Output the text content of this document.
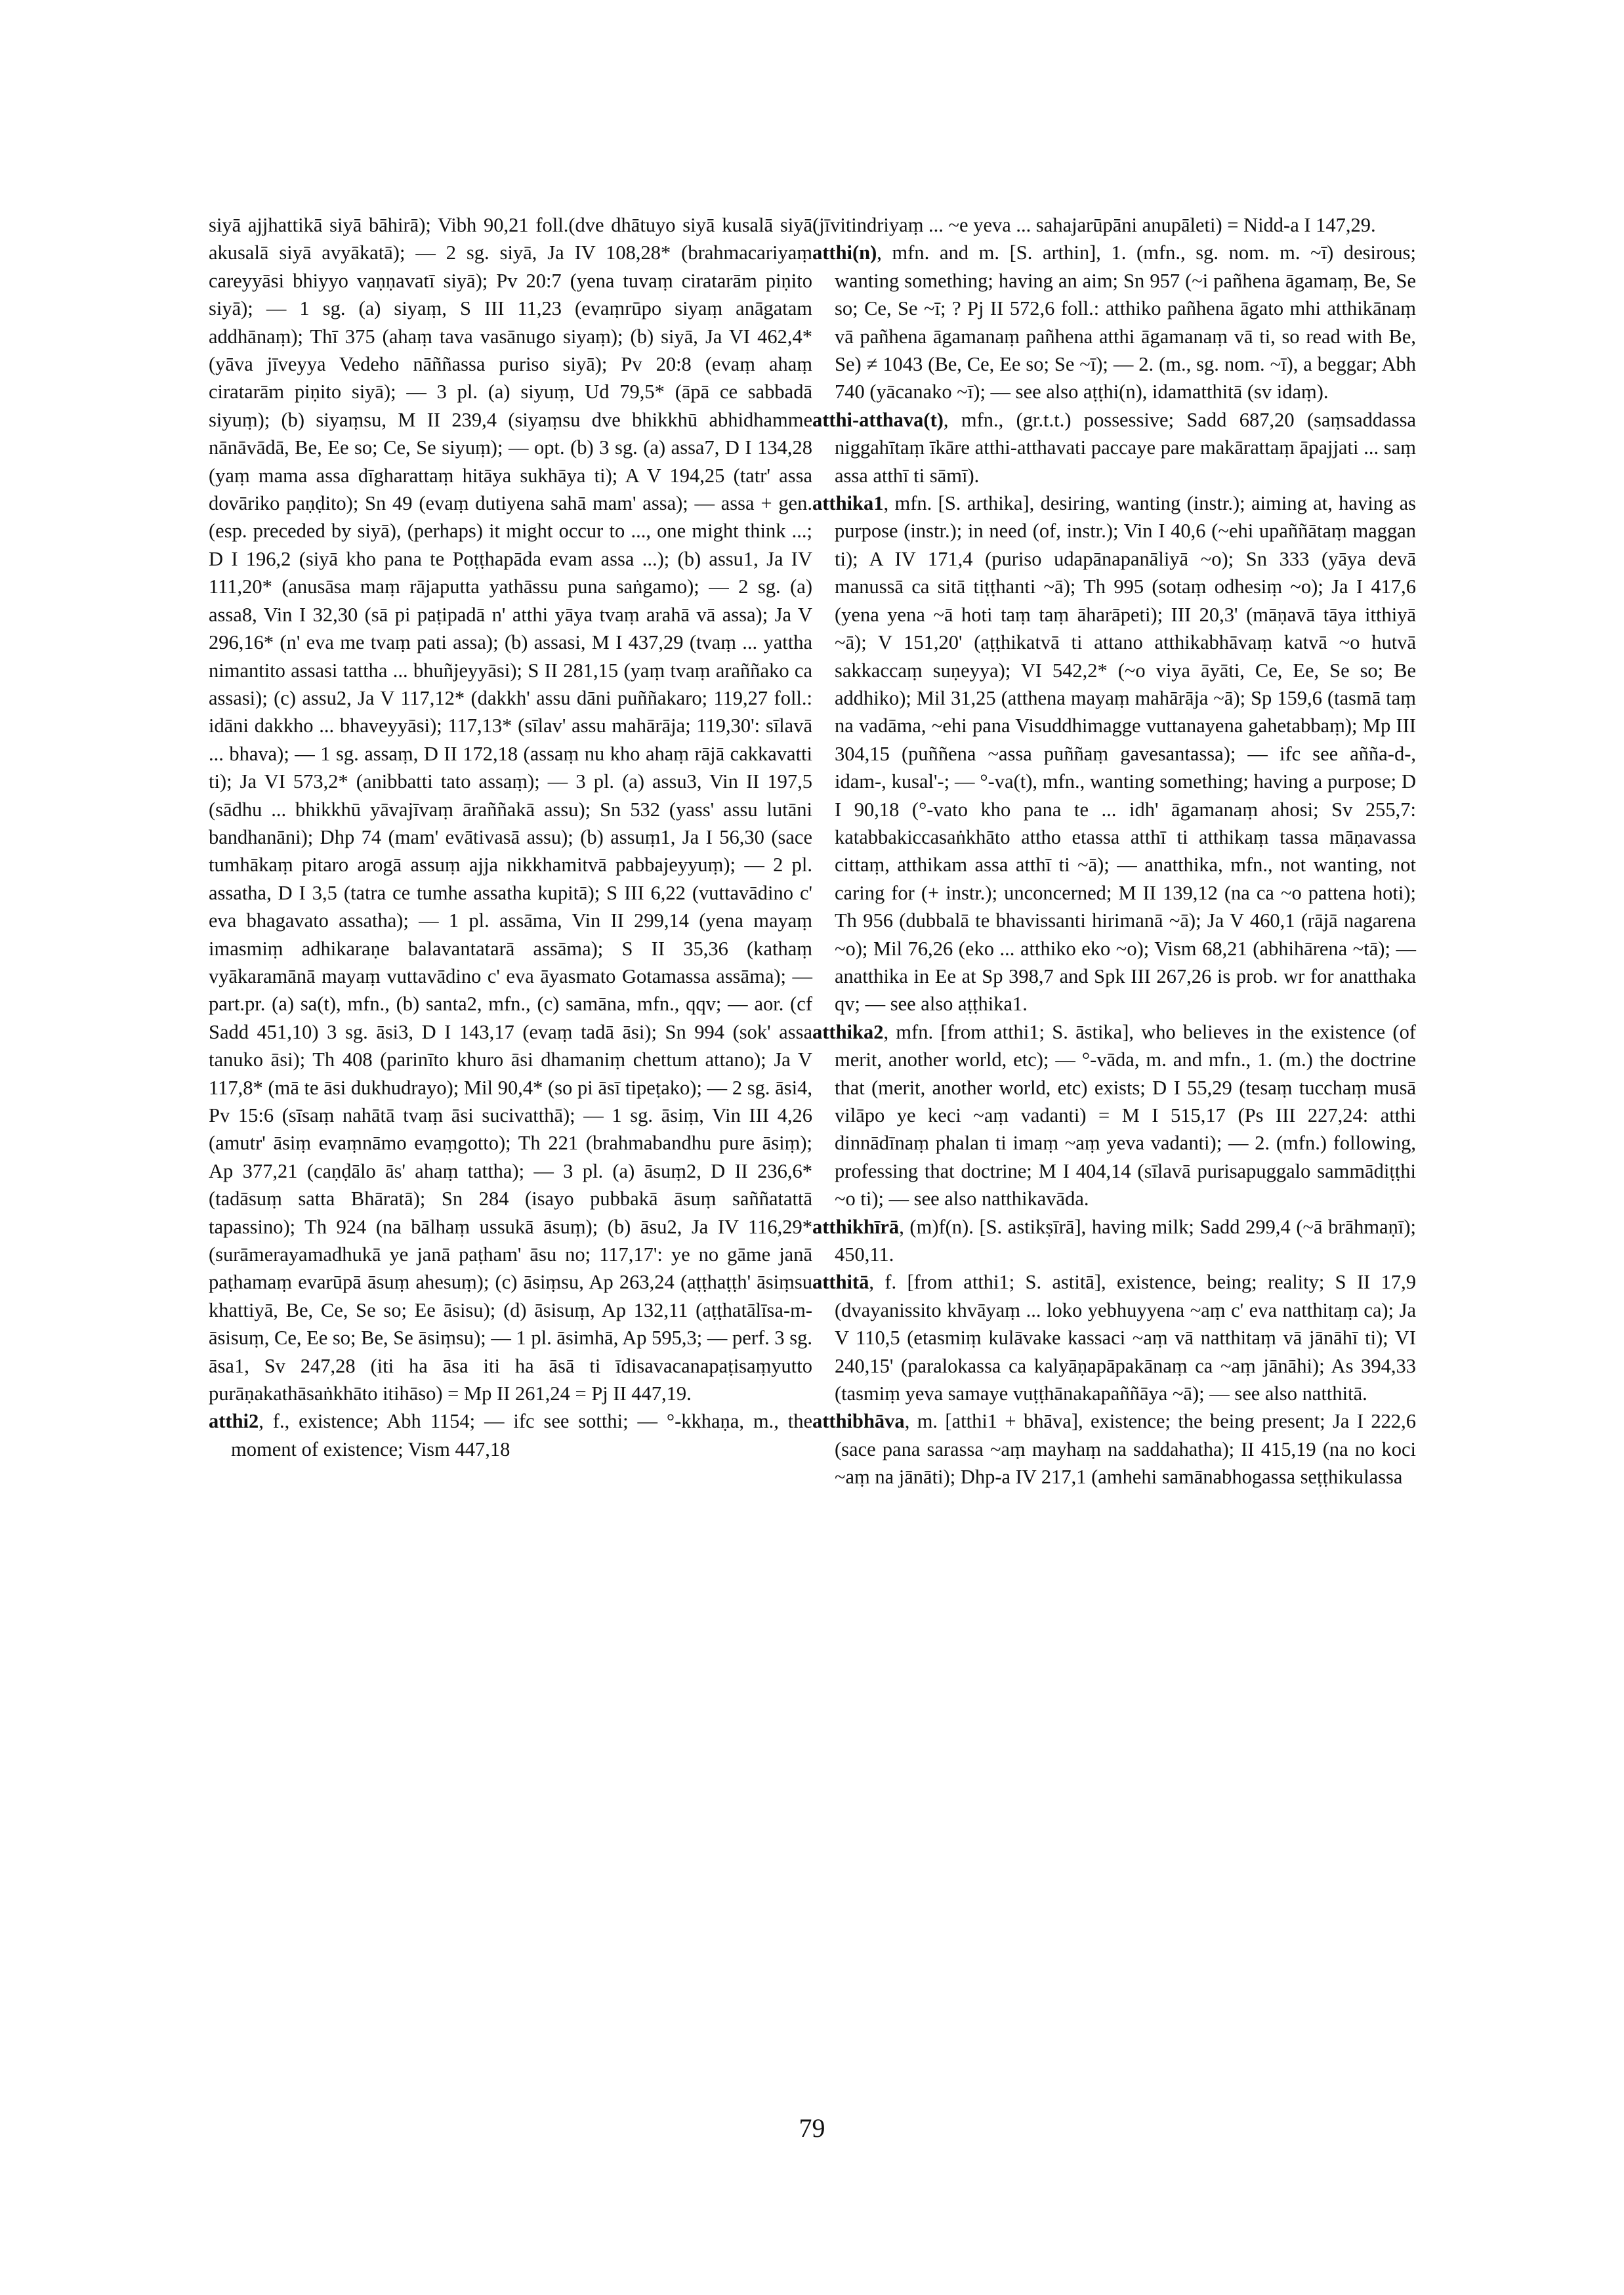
siyā ajjhattikā siyā bāhirā); Vibh 90,21 foll.(dve dhātuyo siyā kusalā siyā akusalā siyā avyākatā); — 2 sg. siyā, Ja IV 108,28* (brahmacariyaṃ careyyāsi bhiyyo vaṇṇavatī siyā); Pv 20:7 (yena tuvaṃ ciratarām piṇito siyā); — 1 sg. (a) siyaṃ, S III 11,23 (evaṃrūpo siyaṃ anāgatam addhānaṃ); Thī 375 (ahaṃ tava vasānugo siyaṃ); (b) siyā, Ja VI 462,4* (yāva jīveyya Vedeho nāññassa puriso siyā); Pv 20:8 (evaṃ ahaṃ ciratarām piṇito siyā); — 3 pl. (a) siyuṃ, Ud 79,5* (āpā ce sabbadā siyuṃ); (b) siyaṃsu, M II 239,4 (siyaṃsu dve bhikkhū abhidhamme nānāvādā, Be, Ee so; Ce, Se siyuṃ); — opt. (b) 3 sg. (a) assa7, D I 134,28 (yaṃ mama assa dīgharattaṃ hitāya sukhāya ti); A V 194,25 (tatr' assa dovāriko paṇḍito); Sn 49 (evaṃ dutiyena sahā mam' assa); — assa + gen. (esp. preceded by siyā), (perhaps) it might occur to ..., one might think ...; D I 196,2 (siyā kho pana te Poṭṭhapāda evam assa ...); (b) assu1, Ja IV 111,20* (anusāsa maṃ rājaputta yathāssu puna saṅgamo); — 2 sg. (a) assa8, Vin I 32,30 (sā pi paṭipadā n' atthi yāya tvaṃ arahā vā assa); Ja V 296,16* (n' eva me tvaṃ pati assa); (b) assasi, M I 437,29 (tvaṃ ... yattha nimantito assasi tattha ... bhuñjeyyāsi); S II 281,15 (yaṃ tvaṃ araññako ca assasi); (c) assu2, Ja V 117,12* (dakkh' assu dāni puññakaro; 119,27 foll.: idāni dakkho ... bhaveyyāsi); 117,13* (sīlav' assu mahārāja; 119,30': sīlavā ... bhava); — 1 sg. assaṃ, D II 172,18 (assaṃ nu kho ahaṃ rājā cakkavatti ti); Ja VI 573,2* (anibbatti tato assaṃ); — 3 pl. (a) assu3, Vin II 197,5 (sādhu ... bhikkhū yāvajīvaṃ āraññakā assu); Sn 532 (yass' assu lutāni bandhanāni); Dhp 74 (mam' evātivasā assu); (b) assuṃ1, Ja I 56,30 (sace tumhākaṃ pitaro arogā assuṃ ajja nikkhamitvā pabbajeyyuṃ); — 2 pl. assatha, D I 3,5 (tatra ce tumhe assatha kupitā); S III 6,22 (vuttavādino c' eva bhagavato assatha); — 1 pl. assāma, Vin II 299,14 (yena mayaṃ imasmiṃ adhikaraṇe balavantatarā assāma); S II 35,36 (kathaṃ vyākaramānā mayaṃ vuttavādino c' eva āyasmato Gotamassa assāma); — part.pr. (a) sa(t), mfn., (b) santa2, mfn., (c) samāna, mfn., qqv; — aor. (cf Sadd 451,10) 3 sg. āsi3, D I 143,17 (evaṃ tadā āsi); Sn 994 (sok' assa tanuko āsi); Th 408 (parinīto khuro āsi dhamaniṃ chettum attano); Ja V 117,8* (mā te āsi dukhudrayo); Mil 90,4* (so pi āsī tipeṭako); — 2 sg. āsi4, Pv 15:6 (sīsaṃ nahātā tvaṃ āsi sucivatthā); — 1 sg. āsiṃ, Vin III 4,26 (amutr' āsiṃ evaṃnāmo evaṃgotto); Th 221 (brahmabandhu pure āsiṃ); Ap 377,21 (caṇḍālo ās' ahaṃ tattha); — 3 pl. (a) āsuṃ2, D II 236,6* (tadāsuṃ satta Bhāratā); Sn 284 (isayo pubbakā āsuṃ saññatattā tapassino); Th 924 (na bālhaṃ ussukā āsuṃ); (b) āsu2, Ja IV 116,29* (surāmerayamadhukā ye janā paṭham' āsu no; 117,17': ye no gāme janā paṭhamaṃ evarūpā āsuṃ ahesuṃ); (c) āsiṃsu, Ap 263,24 (aṭṭhaṭṭh' āsiṃsu khattiyā, Be, Ce, Se so; Ee āsisu); (d) āsisuṃ, Ap 132,11 (aṭṭhatālīsa-m-āsisuṃ, Ce, Ee so; Be, Se āsiṃsu); — 1 pl. āsimhā, Ap 595,3; — perf. 3 sg. āsa1, Sv 247,28 (iti ha āsa iti ha āsā ti īdisavacanapaṭisaṃyutto purāṇakathāsaṅkhāto itihāso) = Mp II 261,24 = Pj II 447,19.

atthi2, f., existence; Abh 1154; — ifc see sotthi; — °-kkhaṇa, m., the moment of existence; Vism 447,18

(jīvitindriyaṃ ... ~e yeva ... sahajarūpāni anupāleti) = Nidd-a I 147,29.

atthi(n), mfn. and m. [S. arthin], 1. (mfn., sg. nom. m. ~ī) desirous; wanting something; having an aim; Sn 957 (~i pañhena āgamaṃ, Be, Se so; Ce, Se ~ī; ? Pj II 572,6 foll.: atthiko pañhena āgato mhi atthikānaṃ vā pañhena āgamanaṃ pañhena atthi āgamanaṃ vā ti, so read with Be, Se) ≠ 1043 (Be, Ce, Ee so; Se ~ī); — 2. (m., sg. nom. ~ī), a beggar; Abh 740 (yācanako ~ī); — see also aṭṭhi(n), idamatthitā (sv idaṃ).

atthi-atthava(t), mfn., (gr.t.t.) possessive; Sadd 687,20 (saṃsaddassa niggahītaṃ īkāre atthi-atthavati paccaye pare makārattaṃ āpajjati ... saṃ assa atthī ti sāmī).

atthika1, mfn. [S. arthika], desiring, wanting (instr.); aiming at, having as purpose (instr.); in need (of, instr.); Vin I 40,6 (~ehi upaññātaṃ maggan ti); A IV 171,4 (puriso udapānapanāliyā ~o); Sn 333 (yāya devā manussā ca sitā tiṭṭhanti ~ā); Th 995 (sotaṃ odhesiṃ ~o); Ja I 417,6 (yena yena ~ā hoti taṃ taṃ āharāpeti); III 20,3' (māṇavā tāya itthiyā ~ā); V 151,20' (aṭṭhikatvā ti attano atthikabhāvaṃ katvā ~o hutvā sakkaccaṃ suṇeyya); VI 542,2* (~o viya āyāti, Ce, Ee, Se so; Be addhiko); Mil 31,25 (atthena mayaṃ mahārāja ~ā); Sp 159,6 (tasmā taṃ na vadāma, ~ehi pana Visuddhimagge vuttanayena gahetabbaṃ); Mp III 304,15 (puññena ~assa puññaṃ gavesantassa); — ifc see añña-d-, idam-, kusal'-; — °-va(t), mfn., wanting something; having a purpose; D I 90,18 (°-vato kho pana te ... idh' āgamanaṃ ahosi; Sv 255,7: katabbakiccasaṅkhāto attho etassa atthī ti atthikaṃ tassa māṇavassa cittaṃ, atthikam assa atthī ti ~ā); — anatthika, mfn., not wanting, not caring for (+ instr.); unconcerned; M II 139,12 (na ca ~o pattena hoti); Th 956 (dubbalā te bhavissanti hirimanā ~ā); Ja V 460,1 (rājā nagarena ~o); Mil 76,26 (eko ... atthiko eko ~o); Vism 68,21 (abhihārena ~tā); — anatthika in Ee at Sp 398,7 and Spk III 267,26 is prob. wr for anatthaka qv; — see also aṭṭhika1.

atthika2, mfn. [from atthi1; S. āstika], who believes in the existence (of merit, another world, etc); — °-vāda, m. and mfn., 1. (m.) the doctrine that (merit, another world, etc) exists; D I 55,29 (tesaṃ tucchaṃ musā vilāpo ye keci ~aṃ vadanti) = M I 515,17 (Ps III 227,24: atthi dinnādīnaṃ phalan ti imaṃ ~aṃ yeva vadanti); — 2. (mfn.) following, professing that doctrine; M I 404,14 (sīlavā purisapuggalo sammādiṭṭhi ~o ti); — see also natthikavāda.

atthikhīrā, (m)f(n). [S. astikṣīrā], having milk; Sadd 299,4 (~ā brāhmaṇī); 450,11.

atthitā, f. [from atthi1; S. astitā], existence, being; reality; S II 17,9 (dvayanissito khvāyaṃ ... loko yebhuyyena ~aṃ c' eva natthitaṃ ca); Ja V 110,5 (etasmiṃ kulāvake kassaci ~aṃ vā natthitaṃ vā jānāhī ti); VI 240,15' (paralokassa ca kalyāṇapāpakānaṃ ca ~aṃ jānāhi); As 394,33 (tasmiṃ yeva samaye vuṭṭhānakapaññāya ~ā); — see also natthitā.

atthibhāva, m. [atthi1 + bhāva], existence; the being present; Ja I 222,6 (sace pana sarassa ~aṃ mayhaṃ na saddahatha); II 415,19 (na no koci ~aṃ na jānāti); Dhp-a IV 217,1 (amhehi samānabhogassa seṭṭhikulassa

79
